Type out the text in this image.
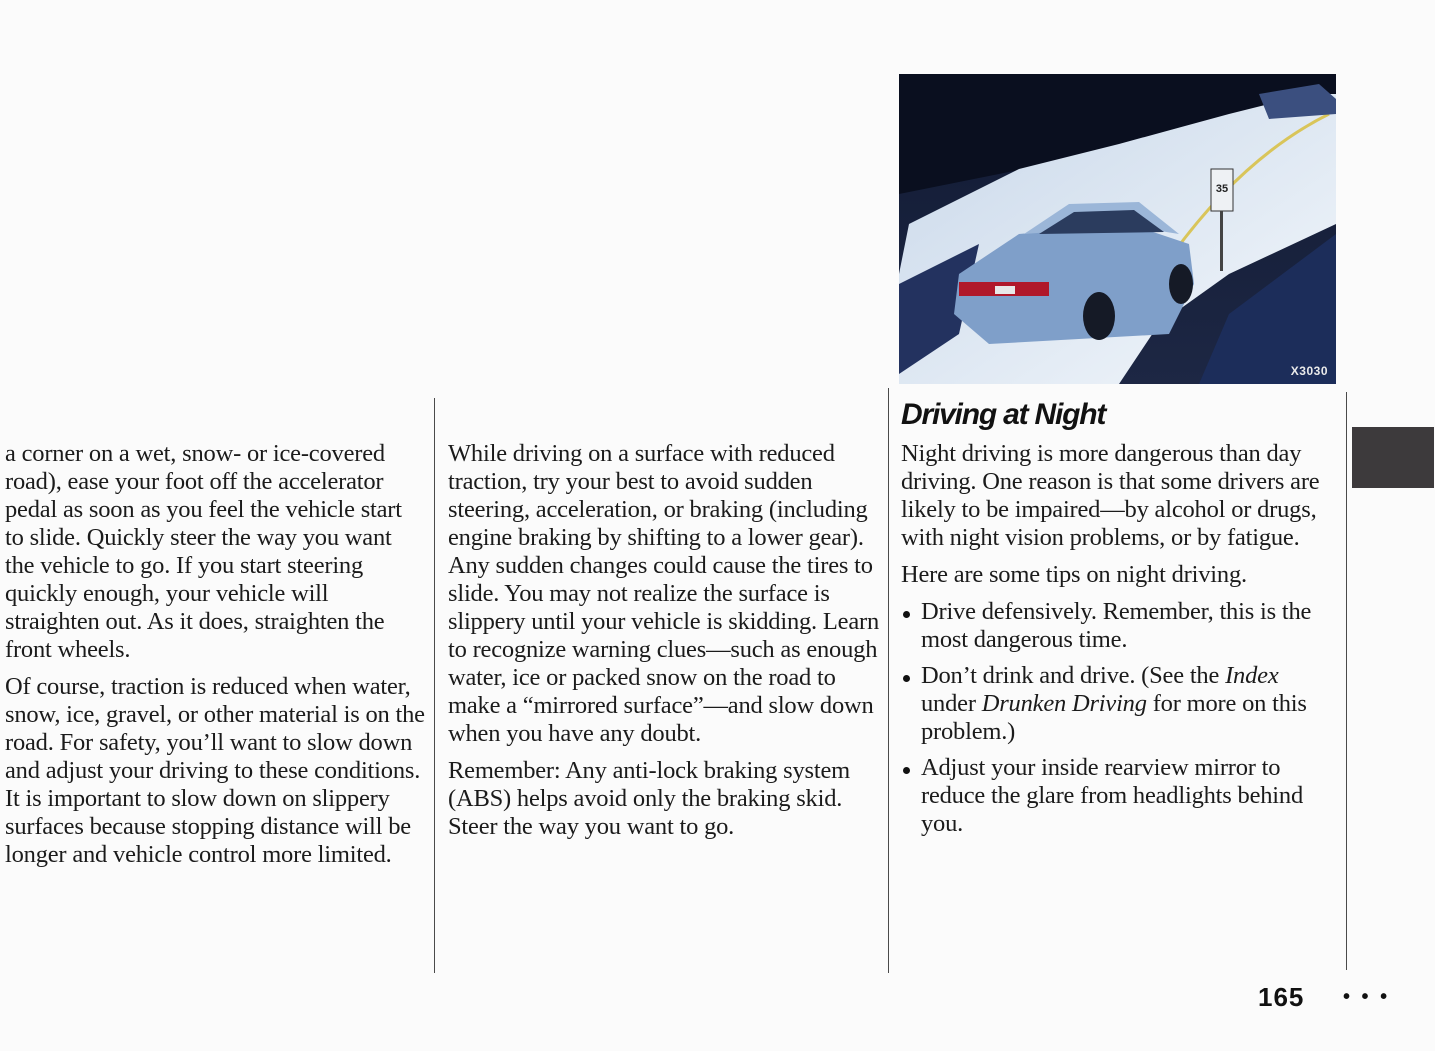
a corner on a wet, snow- or ice-covered road), ease your foot off the accelerator pedal as soon as you feel the vehicle start to slide. Quickly steer the way you want the vehicle to go. If you start steering quickly enough, your vehicle will straighten out. As it does, straighten the front wheels.

Of course, traction is reduced when water, snow, ice, gravel, or other material is on the road. For safety, you’ll want to slow down and adjust your driving to these conditions. It is important to slow down on slippery surfaces because stopping distance will be longer and vehicle control more limited.

While driving on a surface with reduced traction, try your best to avoid sudden steering, acceleration, or braking (including engine braking by shifting to a lower gear). Any sudden changes could cause the tires to slide. You may not realize the surface is slippery until your vehicle is skidding. Learn to recognize warning clues—such as enough water, ice or packed snow on the road to make a “mirrored surface”—and slow down when you have any doubt.

Remember: Any anti-lock braking system (ABS) helps avoid only the braking skid. Steer the way you want to go.

35
X3030
Driving at Night

Night driving is more dangerous than day driving. One reason is that some drivers are likely to be impaired—by alcohol or drugs, with night vision problems, or by fatigue.

Here are some tips on night driving.

Drive defensively. Remember, this is the most dangerous time.
Don’t drink and drive. (See the Index under Drunken Driving for more on this problem.)
Adjust your inside rearview mirror to reduce the glare from headlights behind you.
165 • • •
